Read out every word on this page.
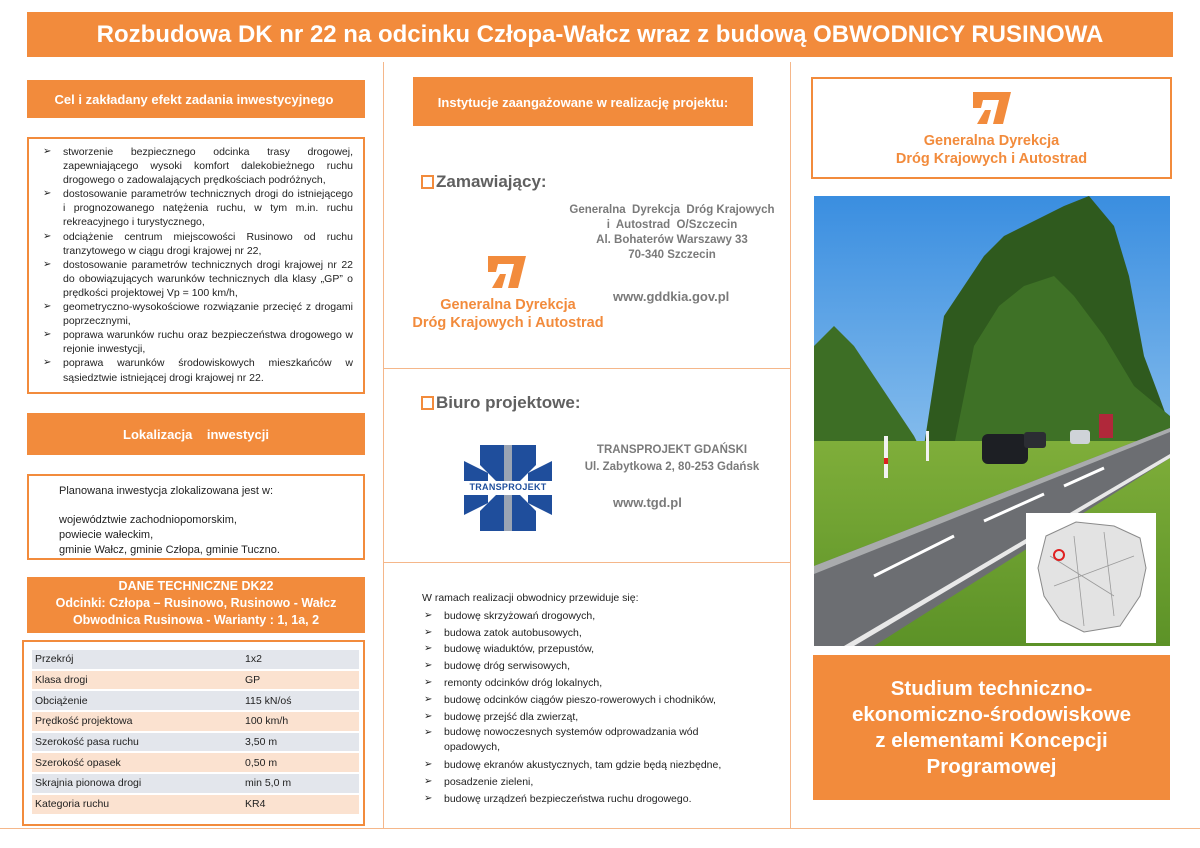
Rozbudowa DK nr 22 na odcinku Człopa-Wałcz wraz z budową OBWODNICY RUSINOWA
Cel i zakładany efekt zadania inwestycyjnego
➢ stworzenie bezpiecznego odcinka trasy drogowej, zapewniającego wysoki komfort dalekobieżnego ruchu drogowego o zadowalających prędkościach podróżnych,
➢ dostosowanie parametrów technicznych drogi do istniejącego i prognozowanego natężenia ruchu, w tym m.in. ruchu rekreacyjnego i turystycznego,
➢ odciążenie centrum miejscowości Rusinowo od ruchu tranzytowego w ciągu drogi krajowej nr 22,
➢ dostosowanie parametrów technicznych drogi krajowej nr 22 do obowiązujących warunków technicznych dla klasy „GP” o prędkości projektowej Vp = 100 km/h,
➢ geometryczno-wysokościowe rozwiązanie przecięć z drogami poprzecznymi,
➢ poprawa warunków ruchu oraz bezpieczeństwa drogowego w rejonie inwestycji,
➢ poprawa warunków środowiskowych mieszkańców w sąsiedztwie istniejącej drogi krajowej nr 22.
Lokalizacja    inwestycji
Planowana inwestycja zlokalizowana jest w:
województwie zachodniopomorskim,
powiecie wałeckim,
gminie Wałcz, gminie Człopa, gminie Tuczno.
DANE TECHNICZNE DK22
Odcinki: Człopa – Rusinowo, Rusinowo - Wałcz
Obwodnica Rusinowa - Warianty : 1, 1a, 2
Przekrój	1x2
Klasa drogi	GP
Obciążenie	115 kN/oś
Prędkość projektowa	100 km/h
Szerokość pasa ruchu	3,50 m
Szerokość opasek	0,50 m
Skrajnia pionowa drogi	min 5,0 m
Kategoria ruchu	KR4
Instytucje zaangażowane w realizację projektu:
Zamawiający:
Generalna  Dyrekcja  Dróg Krajowych
i  Autostrad  O/Szczecin
Al. Bohaterów Warszawy 33
70-340 Szczecin
www.gddkia.gov.pl
Generalna Dyrekcja
Dróg Krajowych i Autostrad
Biuro projektowe:
TRANSPROJEKT
TRANSPROJEKT GDAŃSKI
Ul. Zabytkowa 2, 80-253 Gdańsk
www.tgd.pl
W ramach realizacji obwodnicy przewiduje się:
➢ budowę skrzyżowań drogowych,
➢ budowa zatok autobusowych,
➢ budowę wiaduktów, przepustów,
➢ budowę dróg serwisowych,
➢ remonty odcinków dróg lokalnych,
➢ budowę odcinków ciągów pieszo-rowerowych i chodników,
➢ budowę przejść dla zwierząt,
➢ budowę nowoczesnych systemów odprowadzania wód opadowych,
➢ budowę ekranów akustycznych, tam gdzie będą niezbędne,
➢ posadzenie zieleni,
➢ budowę urządzeń bezpieczeństwa ruchu drogowego.
Generalna Dyrekcja
Dróg Krajowych i Autostrad
Studium techniczno-
ekonomiczno-środowiskowe
z elementami Koncepcji
Programowej
